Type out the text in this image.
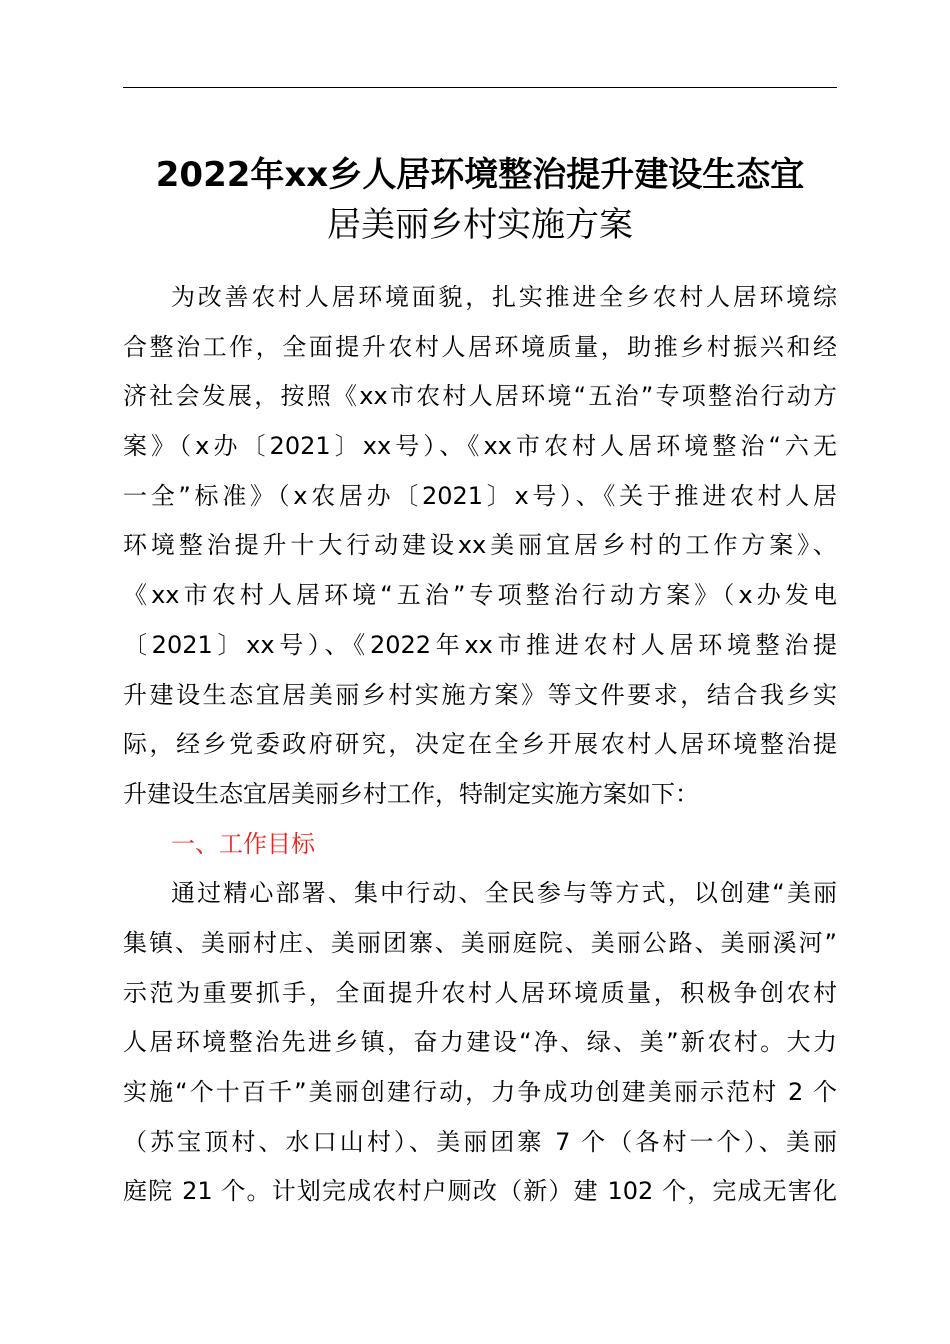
2022年xx乡人居环境整治提升建设生态宜
居美丽乡村实施方案
为改善农村人居环境面貌，扎实推进全乡农村人居环境综
合整治工作，全面提升农村人居环境质量，助推乡村振兴和经
济社会发展，按照《xx市农村人居环境“五治”专项整治行动方
案》（x办〔2021〕xx号）、《xx市农村人居环境整治“六无
一全”标准》（x农居办〔2021〕x号）、《关于推进农村人居
环境整治提升十大行动建设xx美丽宜居乡村的工作方案》、
《xx市农村人居环境“五治”专项整治行动方案》（x办发电
〔2021〕xx号）、《2022年xx市推进农村人居环境整治提
升建设生态宜居美丽乡村实施方案》等文件要求，结合我乡实
际，经乡党委政府研究，决定在全乡开展农村人居环境整治提
升建设生态宜居美丽乡村工作，特制定实施方案如下：
一、工作目标
通过精心部署、集中行动、全民参与等方式，以创建“美丽
集镇、美丽村庄、美丽团寨、美丽庭院、美丽公路、美丽溪河”
示范为重要抓手，全面提升农村人居环境质量，积极争创农村
人居环境整治先进乡镇，奋力建设“净、绿、美”新农村。大力
实施“个十百千”美丽创建行动，力争成功创建美丽示范村 2 个
（苏宝顶村、水口山村）、美丽团寨 7 个（各村一个）、美丽
庭院 21 个。计划完成农村户厕改（新）建 102 个，完成无害化
